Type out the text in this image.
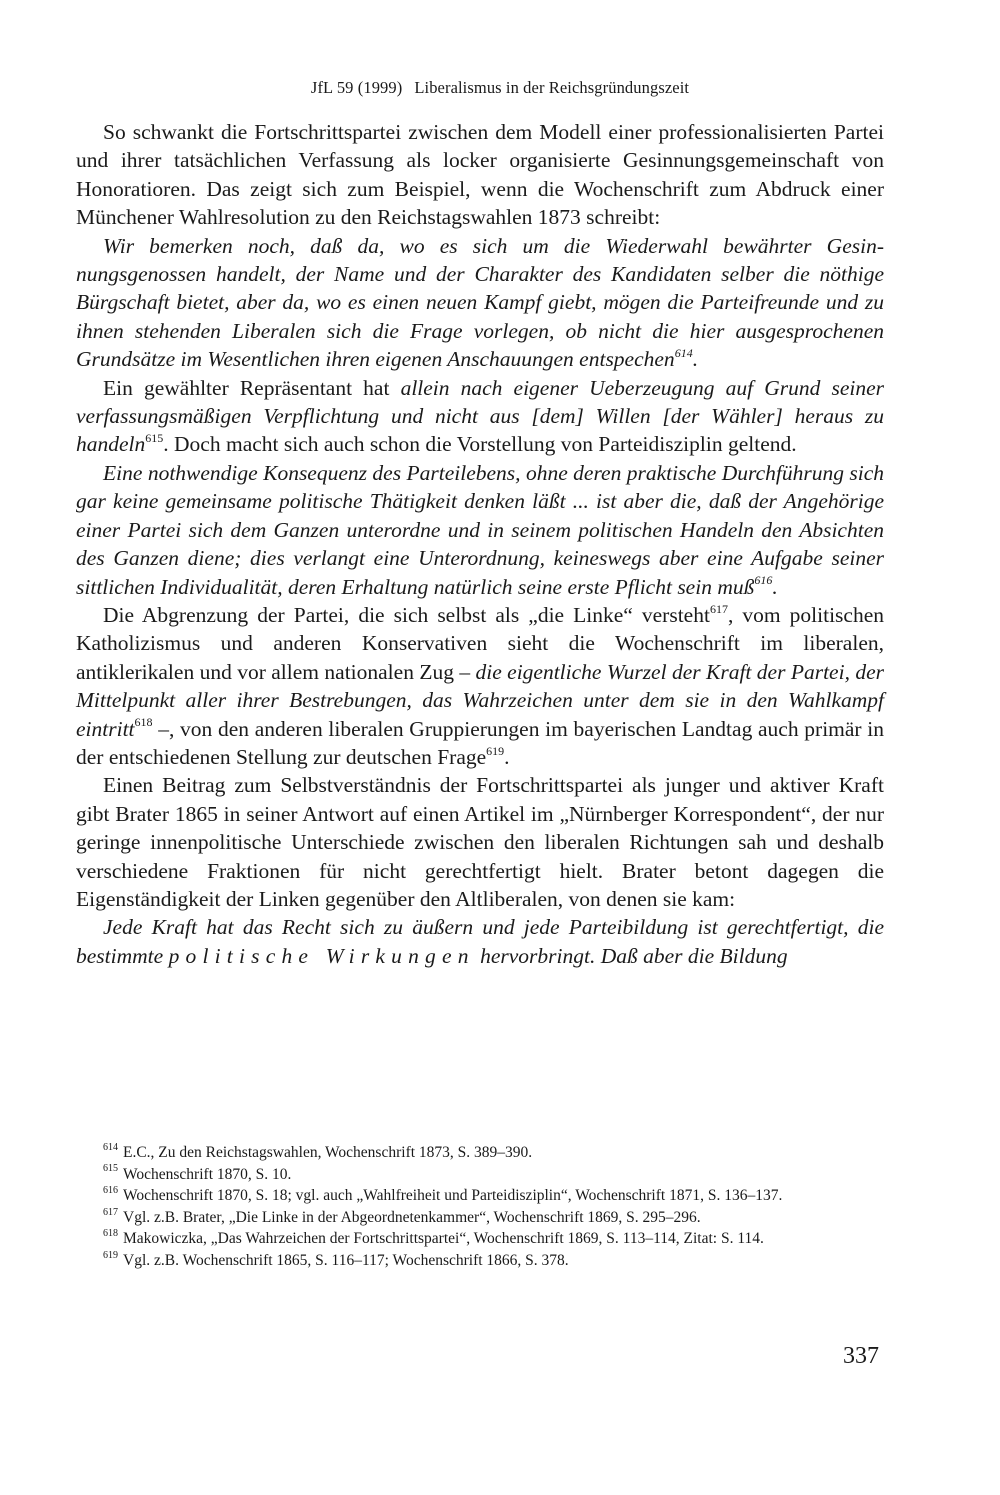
JfL 59 (1999) Liberalismus in der Reichsgründungszeit

So schwankt die Fortschrittspartei zwischen dem Modell einer professionalisierten Partei und ihrer tatsächlichen Verfassung als locker organisierte Gesinnungsgemeinschaft von Honoratioren. Das zeigt sich zum Beispiel, wenn die Wochenschrift zum Abdruck einer Münchener Wahlresolution zu den Reichstagswahlen 1873 schreibt:

Wir bemerken noch, daß da, wo es sich um die Wiederwahl bewährter Gesinnungsgenossen handelt, der Name und der Charakter des Kandidaten selber die nöthige Bürgschaft bietet, aber da, wo es einen neuen Kampf giebt, mögen die Parteifreunde und zu ihnen stehenden Liberalen sich die Frage vorlegen, ob nicht die hier ausgesprochenen Grundsätze im Wesentlichen ihren eigenen Anschauungen entspechen$^{614}$.

Ein gewählter Repräsentant hat allein nach eigener Ueberzeugung auf Grund seiner verfassungsmäßigen Verpflichtung und nicht aus [dem] Willen [der Wähler] heraus zu handeln$^{615}$. Doch macht sich auch schon die Vorstellung von Parteidisziplin geltend.

Eine nothwendige Konsequenz des Parteilebens, ohne deren praktische Durchführung sich gar keine gemeinsame politische Thätigkeit denken läßt ... ist aber die, daß der Angehörige einer Partei sich dem Ganzen unterordne und in seinem politischen Handeln den Absichten des Ganzen diene; dies verlangt eine Unterordnung, keineswegs aber eine Aufgabe seiner sittlichen Individualität, deren Erhaltung natürlich seine erste Pflicht sein muß$^{616}$.

Die Abgrenzung der Partei, die sich selbst als „die Linke“ versteht$^{617}$, vom politischen Katholizismus und anderen Konservativen sieht die Wochenschrift im liberalen, antiklerikalen und vor allem nationalen Zug – die eigentliche Wurzel der Kraft der Partei, der Mittelpunkt aller ihrer Bestrebungen, das Wahrzeichen unter dem sie in den Wahlkampf eintritt$^{618}$ –, von den anderen liberalen Gruppierungen im bayerischen Landtag auch primär in der entschiedenen Stellung zur deutschen Frage$^{619}$.

Einen Beitrag zum Selbstverständnis der Fortschrittspartei als junger und aktiver Kraft gibt Brater 1865 in seiner Antwort auf einen Artikel im „Nürnberger Korrespondent“, der nur geringe innenpolitische Unterschiede zwischen den liberalen Richtungen sah und deshalb verschiedene Fraktionen für nicht gerechtfertigt hielt. Brater betont dagegen die Eigenständigkeit der Linken gegenüber den Altliberalen, von denen sie kam:

Jede Kraft hat das Recht sich zu äußern und jede Parteibildung ist gerechtfertigt, die bestimmte politische Wirkungen hervorbringt. Daß aber die Bildung

$^{614}$ E.C., Zu den Reichstagswahlen, Wochenschrift 1873, S. 389–390.

$^{615}$ Wochenschrift 1870, S. 10.

$^{616}$ Wochenschrift 1870, S. 18; vgl. auch „Wahlfreiheit und Parteidisziplin“, Wochenschrift 1871, S. 136–137.

$^{617}$ Vgl. z.B. Brater, „Die Linke in der Abgeordnetenkammer“, Wochenschrift 1869, S. 295–296.

$^{618}$ Makowiczka, „Das Wahrzeichen der Fortschrittspartei“, Wochenschrift 1869, S. 113–114, Zitat: S. 114.

$^{619}$ Vgl. z.B. Wochenschrift 1865, S. 116–117; Wochenschrift 1866, S. 378.

337
